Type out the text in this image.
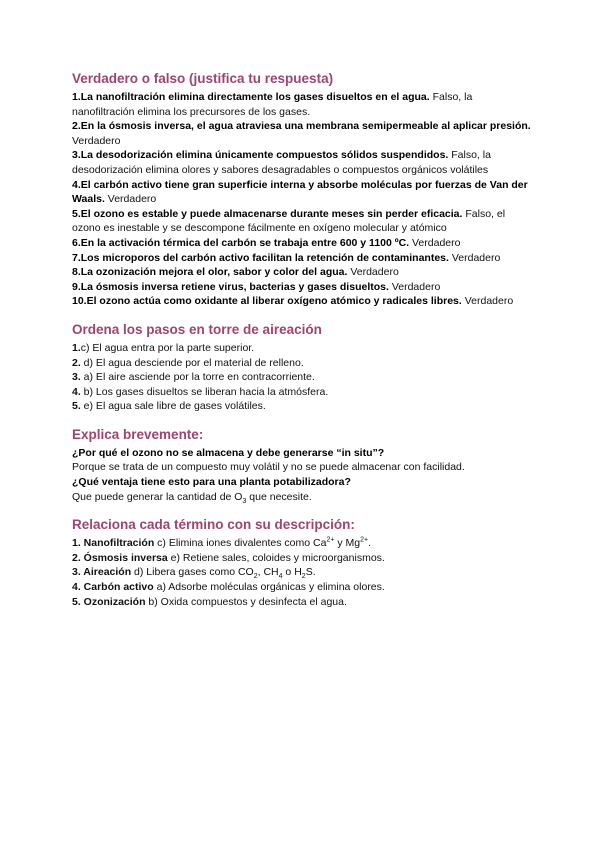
Verdadero o falso (justifica tu respuesta)

1.La nanofiltración elimina directamente los gases disueltos en el agua. Falso, la nanofiltración elimina los precursores de los gases.

2.En la ósmosis inversa, el agua atraviesa una membrana semipermeable al aplicar presión. Verdadero

3.La desodorización elimina únicamente compuestos sólidos suspendidos. Falso, la desodorización elimina olores y sabores desagradables o compuestos orgánicos volátiles

4.El carbón activo tiene gran superficie interna y absorbe moléculas por fuerzas de Van der Waals. Verdadero

5.El ozono es estable y puede almacenarse durante meses sin perder eficacia. Falso, el ozono es inestable y se descompone fácilmente en oxígeno molecular y atómico

6.En la activación térmica del carbón se trabaja entre 600 y 1100 ºC. Verdadero

7.Los microporos del carbón activo facilitan la retención de contaminantes. Verdadero

8.La ozonización mejora el olor, sabor y color del agua. Verdadero

9.La ósmosis inversa retiene virus, bacterias y gases disueltos. Verdadero

10.El ozono actúa como oxidante al liberar oxígeno atómico y radicales libres. Verdadero

Ordena los pasos en torre de aireación

1.c) El agua entra por la parte superior.

2. d) El agua desciende por el material de relleno.

3. a) El aire asciende por la torre en contracorriente.

4. b) Los gases disueltos se liberan hacia la atmósfera.

5. e) El agua sale libre de gases volátiles.

Explica brevemente:

¿Por qué el ozono no se almacena y debe generarse “in situ”?

Porque se trata de un compuesto muy volátil y no se puede almacenar con facilidad.

¿Qué ventaja tiene esto para una planta potabilizadora?

Que puede generar la cantidad de $O_3$ que necesite.

Relaciona cada término con su descripción:

1. Nanofiltración c) Elimina iones divalentes como $Ca^{2+}$ y $Mg^{2+}$.

2. Ósmosis inversa e) Retiene sales, coloides y microorganismos.

3. Aireación d) Libera gases como $CO_2$, $CH_4$ o $H_2S$.

4. Carbón activo a) Adsorbe moléculas orgánicas y elimina olores.

5. Ozonización b) Oxida compuestos y desinfecta el agua.
